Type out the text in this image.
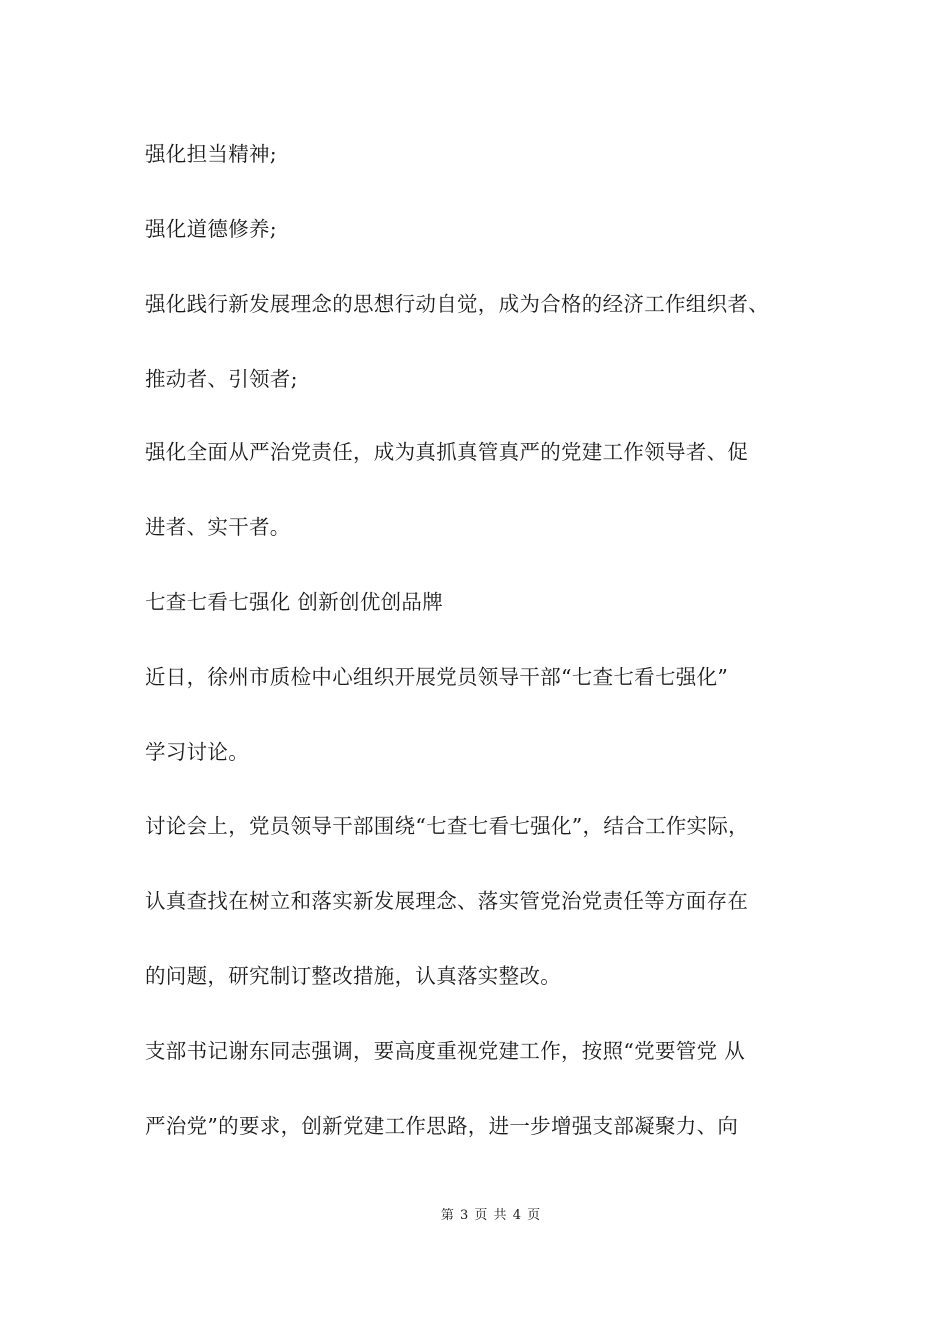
强化担当精神;
强化道德修养;
强化践行新发展理念的思想行动自觉，成为合格的经济工作组织者、
推动者、引领者;
强化全面从严治党责任，成为真抓真管真严的党建工作领导者、促
进者、实干者。
七查七看七强化 创新创优创品牌
近日，徐州市质检中心组织开展党员领导干部“七查七看七强化”
学习讨论。
讨论会上，党员领导干部围绕“七查七看七强化”，结合工作实际，
认真查找在树立和落实新发展理念、落实管党治党责任等方面存在
的问题，研究制订整改措施，认真落实整改。
支部书记谢东同志强调，要高度重视党建工作，按照“党要管党 从
严治党”的要求，创新党建工作思路，进一步增强支部凝聚力、向
第 3 页 共 4 页
